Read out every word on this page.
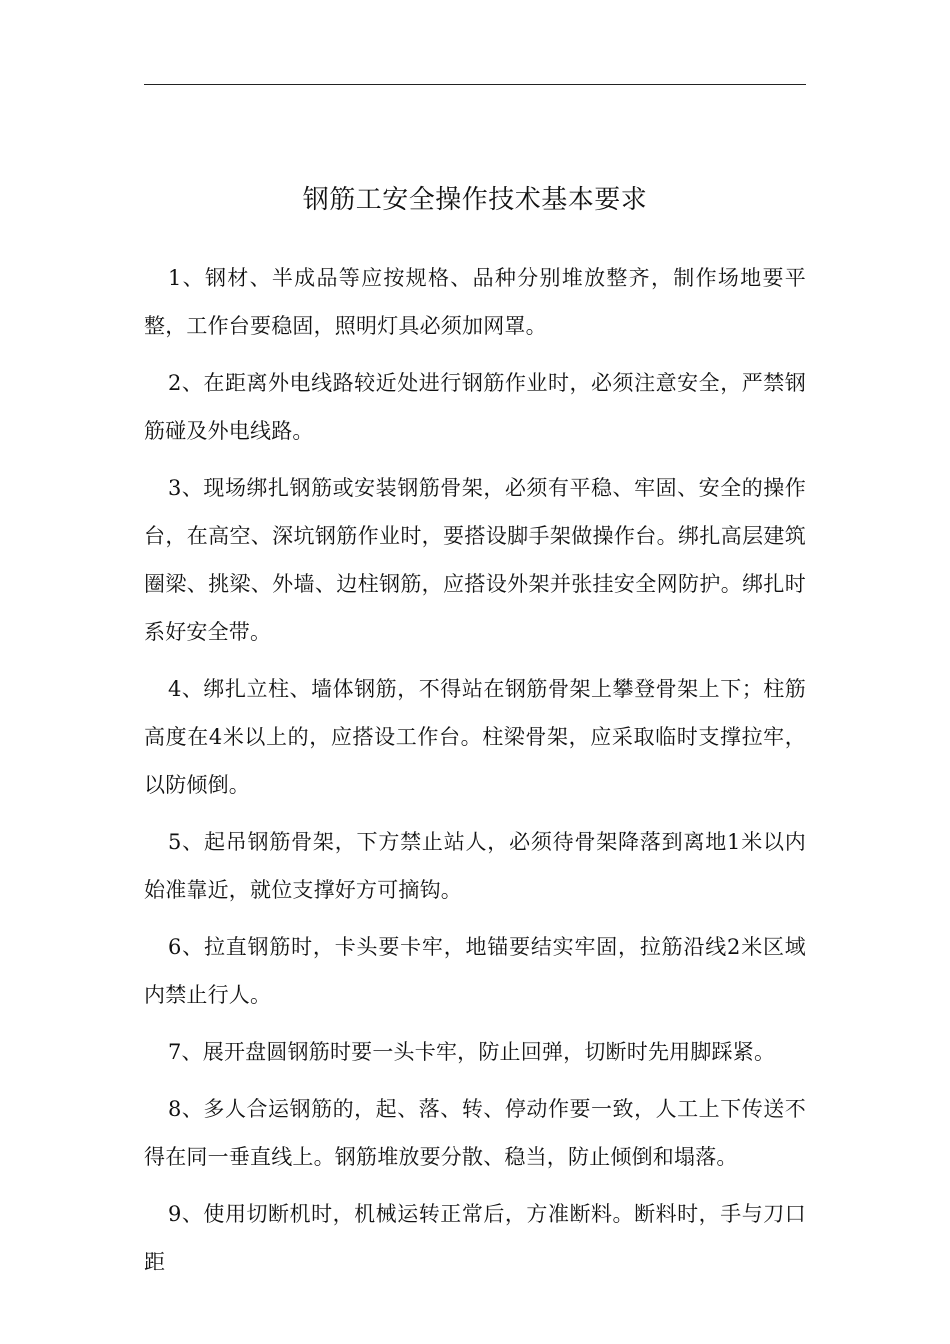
钢筋工安全操作技术基本要求

1、钢材、半成品等应按规格、品种分别堆放整齐，制作场地要平整，工作台要稳固，照明灯具必须加网罩。

2、在距离外电线路较近处进行钢筋作业时，必须注意安全，严禁钢筋碰及外电线路。

3、现场绑扎钢筋或安装钢筋骨架，必须有平稳、牢固、安全的操作台，在高空、深坑钢筋作业时，要搭设脚手架做操作台。绑扎高层建筑圈梁、挑梁、外墙、边柱钢筋，应搭设外架并张挂安全网防护。绑扎时系好安全带。

4、绑扎立柱、墙体钢筋，不得站在钢筋骨架上攀登骨架上下；柱筋高度在4米以上的，应搭设工作台。柱梁骨架，应采取临时支撑拉牢，以防倾倒。

5、起吊钢筋骨架，下方禁止站人，必须待骨架降落到离地1米以内始准靠近，就位支撑好方可摘钩。

6、拉直钢筋时，卡头要卡牢，地锚要结实牢固，拉筋沿线2米区域内禁止行人。

7、展开盘圆钢筋时要一头卡牢，防止回弹，切断时先用脚踩紧。

8、多人合运钢筋的，起、落、转、停动作要一致，人工上下传送不得在同一垂直线上。钢筋堆放要分散、稳当，防止倾倒和塌落。

9、使用切断机时，机械运转正常后，方准断料。断料时，手与刀口距
